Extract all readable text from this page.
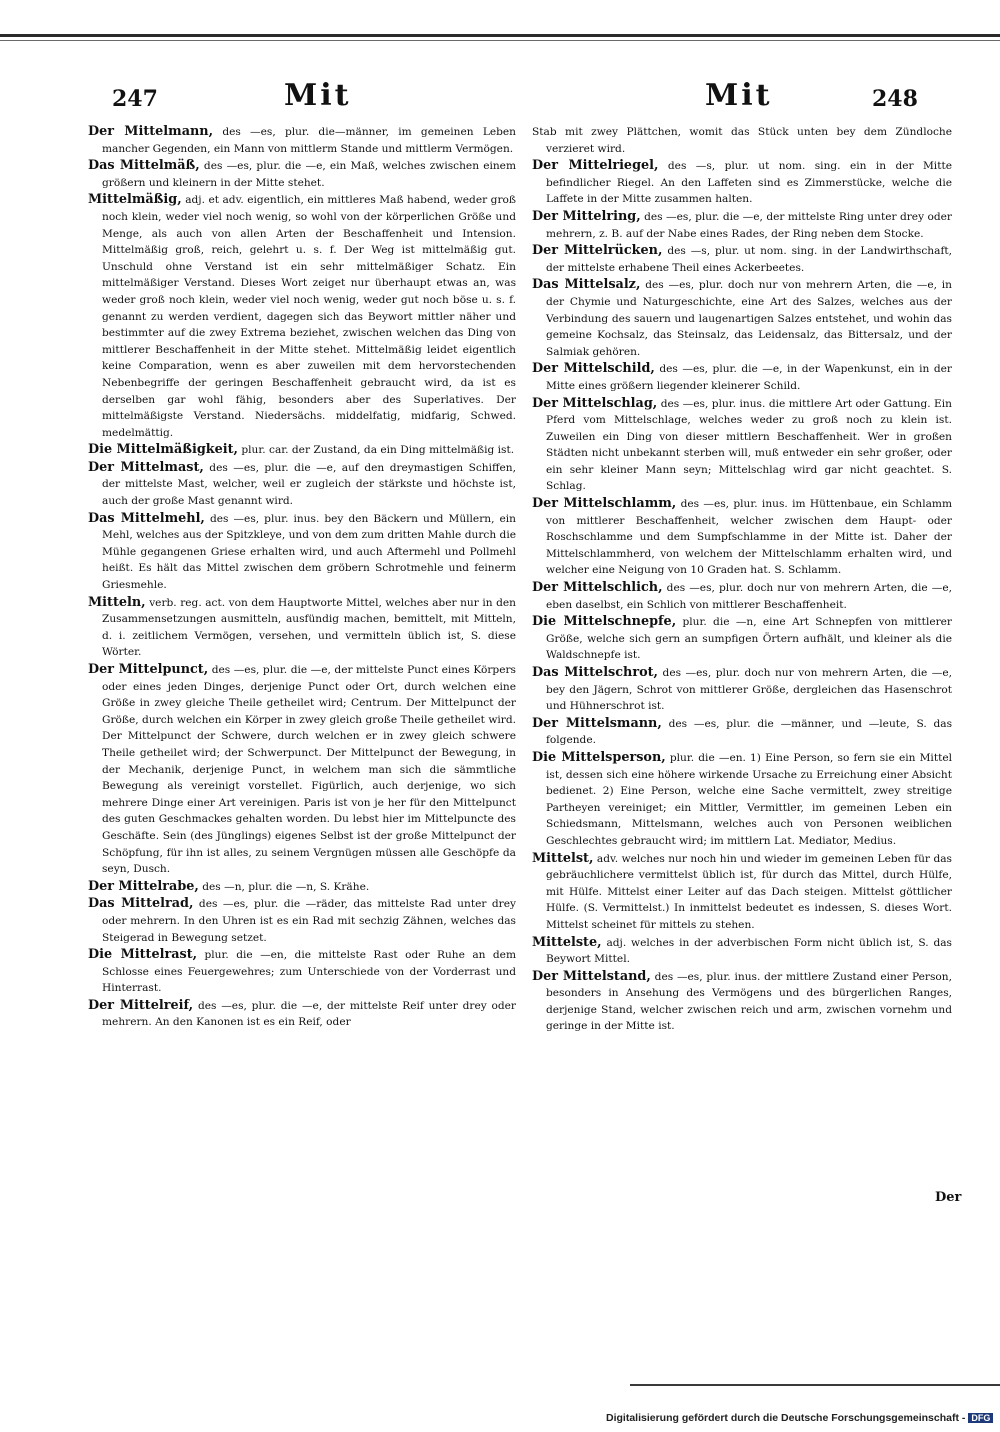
247	Mit	Mit	248

Der Mittelmann, des —es, plur. die—männer, im gemeinen Leben mancher Gegenden, ein Mann von mittlerm Stande und mittlerm Vermögen.

Das Mittelmäß, des —es, plur. die —e, ein Maß, welches zwischen einem größern und kleinern in der Mitte stehet.

Mittelmäßig, adj. et adv. eigentlich, ein mittleres Maß habend, weder groß noch klein, weder viel noch wenig, so wohl von der körperlichen Größe und Menge, als auch von allen Arten der Beschaffenheit und Intension. Mittelmäßig groß, reich, gelehrt u. s. f. Der Weg ist mittelmäßig gut. Unschuld ohne Verstand ist ein sehr mittelmäßiger Schatz. Ein mittelmäßiger Verstand. Dieses Wort zeiget nur überhaupt etwas an, was weder groß noch klein, weder viel noch wenig, weder gut noch böse u. s. f. genannt zu werden verdient, dagegen sich das Beywort mittler näher und bestimmter auf die zwey Extrema beziehet, zwischen welchen das Ding von mittlerer Beschaffenheit in der Mitte stehet. Mittelmäßig leidet eigentlich keine Comparation, wenn es aber zuweilen mit dem hervorstechenden Nebenbegriffe der geringen Beschaffenheit gebraucht wird, da ist es derselben gar wohl fähig, besonders aber des Superlatives. Der mittelmäßigste Verstand. Niedersächs. middelfatig, midfarig, Schwed. medelmättig.

Die Mittelmäßigkeit, plur. car. der Zustand, da ein Ding mittelmäßig ist.

Der Mittelmast, des —es, plur. die —e, auf den dreymastigen Schiffen, der mittelste Mast, welcher, weil er zugleich der stärkste und höchste ist, auch der große Mast genannt wird.

Das Mittelmehl, des —es, plur. inus. bey den Bäckern und Müllern, ein Mehl, welches aus der Spitzkleye, und von dem zum dritten Mahle durch die Mühle gegangenen Griese erhalten wird, und auch Aftermehl und Pollmehl heißt. Es hält das Mittel zwischen dem gröbern Schrotmehle und feinerm Griesmehle.

Mitteln, verb. reg. act. von dem Hauptworte Mittel, welches aber nur in den Zusammensetzungen ausmitteln, ausfündig machen, bemittelt, mit Mitteln, d. i. zeitlichem Vermögen, versehen, und vermitteln üblich ist, S. diese Wörter.

Der Mittelpunct, des —es, plur. die —e, der mittelste Punct eines Körpers oder eines jeden Dinges, derjenige Punct oder Ort, durch welchen eine Größe in zwey gleiche Theile getheilet wird; Centrum. Der Mittelpunct der Größe, durch welchen ein Körper in zwey gleich große Theile getheilet wird. Der Mittelpunct der Schwere, durch welchen er in zwey gleich schwere Theile getheilet wird; der Schwerpunct. Der Mittelpunct der Bewegung, in der Mechanik, derjenige Punct, in welchem man sich die sämmtliche Bewegung als vereinigt vorstellet. Figürlich, auch derjenige, wo sich mehrere Dinge einer Art vereinigen. Paris ist von je her für den Mittelpunct des guten Geschmackes gehalten worden. Du lebst hier im Mittelpuncte des Geschäfte. Sein (des Jünglings) eigenes Selbst ist der große Mittelpunct der Schöpfung, für ihn ist alles, zu seinem Vergnügen müssen alle Geschöpfe da seyn, Dusch.

Der Mittelrabe, des —n, plur. die —n, S. Krähe.

Das Mittelrad, des —es, plur. die —räder, das mittelste Rad unter drey oder mehrern. In den Uhren ist es ein Rad mit sechzig Zähnen, welches das Steigerad in Bewegung setzet.

Die Mittelrast, plur. die —en, die mittelste Rast oder Ruhe an dem Schlosse eines Feuergewehres; zum Unterschiede von der Vorderrast und Hinterrast.

Der Mittelreif, des —es, plur. die —e, der mittelste Reif unter drey oder mehrern. An den Kanonen ist es ein Reif, oder

Stab mit zwey Plättchen, womit das Stück unten bey dem Zündloche verzieret wird.

Der Mittelriegel, des —s, plur. ut nom. sing. ein in der Mitte befindlicher Riegel. An den Laffeten sind es Zimmerstücke, welche die Laffete in der Mitte zusammen halten.

Der Mittelring, des —es, plur. die —e, der mittelste Ring unter drey oder mehrern, z. B. auf der Nabe eines Rades, der Ring neben dem Stocke.

Der Mittelrücken, des —s, plur. ut nom. sing. in der Landwirthschaft, der mittelste erhabene Theil eines Ackerbeetes.

Das Mittelsalz, des —es, plur. doch nur von mehrern Arten, die —e, in der Chymie und Naturgeschichte, eine Art des Salzes, welches aus der Verbindung des sauern und laugenartigen Salzes entstehet, und wohin das gemeine Kochsalz, das Steinsalz, das Leidensalz, das Bittersalz, und der Salmiak gehören.

Der Mittelschild, des —es, plur. die —e, in der Wapenkunst, ein in der Mitte eines größern liegender kleinerer Schild.

Der Mittelschlag, des —es, plur. inus. die mittlere Art oder Gattung. Ein Pferd vom Mittelschlage, welches weder zu groß noch zu klein ist. Zuweilen ein Ding von dieser mittlern Beschaffenheit. Wer in großen Städten nicht unbekannt sterben will, muß entweder ein sehr großer, oder ein sehr kleiner Mann seyn; Mittelschlag wird gar nicht geachtet. S. Schlag.

Der Mittelschlamm, des —es, plur. inus. im Hüttenbaue, ein Schlamm von mittlerer Beschaffenheit, welcher zwischen dem Haupt- oder Roschschlamme und dem Sumpfschlamme in der Mitte ist. Daher der Mittelschlammherd, von welchem der Mittelschlamm erhalten wird, und welcher eine Neigung von 10 Graden hat. S. Schlamm.

Der Mittelschlich, des —es, plur. doch nur von mehrern Arten, die —e, eben daselbst, ein Schlich von mittlerer Beschaffenheit.

Die Mittelschnepfe, plur. die —n, eine Art Schnepfen von mittlerer Größe, welche sich gern an sumpfigen Örtern aufhält, und kleiner als die Waldschnepfe ist.

Das Mittelschrot, des —es, plur. doch nur von mehrern Arten, die —e, bey den Jägern, Schrot von mittlerer Größe, dergleichen das Hasenschrot und Hühnerschrot ist.

Der Mittelsmann, des —es, plur. die —männer, und —leute, S. das folgende.

Die Mittelsperson, plur. die —en. 1) Eine Person, so fern sie ein Mittel ist, dessen sich eine höhere wirkende Ursache zu Erreichung einer Absicht bedienet. 2) Eine Person, welche eine Sache vermittelt, zwey streitige Partheyen vereiniget; ein Mittler, Vermittler, im gemeinen Leben ein Schiedsmann, Mittelsmann, welches auch von Personen weiblichen Geschlechtes gebraucht wird; im mittlern Lat. Mediator, Medius.

Mittelst, adv. welches nur noch hin und wieder im gemeinen Leben für das gebräuchlichere vermittelst üblich ist, für durch das Mittel, durch Hülfe, mit Hülfe. Mittelst einer Leiter auf das Dach steigen. Mittelst göttlicher Hülfe. (S. Vermittelst.) In inmittelst bedeutet es indessen, S. dieses Wort. Mittelst scheinet für mittels zu stehen.

Mittelste, adj. welches in der adverbischen Form nicht üblich ist, S. das Beywort Mittel.

Der Mittelstand, des —es, plur. inus. der mittlere Zustand einer Person, besonders in Ansehung des Vermögens und des bürgerlichen Ranges, derjenige Stand, welcher zwischen reich und arm, zwischen vornehm und geringe in der Mitte ist.

Der
Digitalisierung gefördert durch die Deutsche Forschungsgemeinschaft - DFG
